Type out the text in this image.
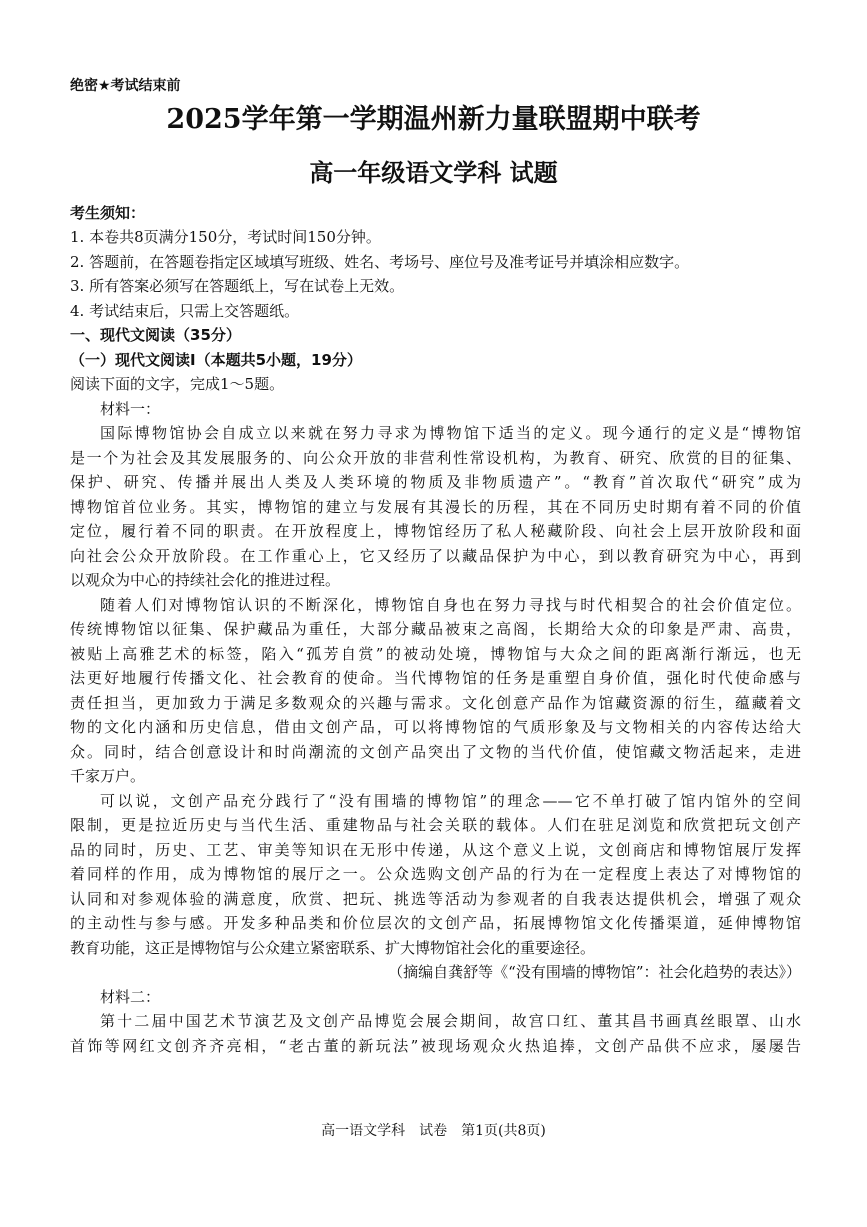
绝密★考试结束前
2025学年第一学期温州新力量联盟期中联考
高一年级语文学科 试题
考生须知：
1. 本卷共8页满分150分，考试时间150分钟。
2. 答题前，在答题卷指定区域填写班级、姓名、考场号、座位号及准考证号并填涂相应数字。
3. 所有答案必须写在答题纸上，写在试卷上无效。
4. 考试结束后，只需上交答题纸。
一、现代文阅读（35分）
（一）现代文阅读Ⅰ（本题共5小题，19分）
阅读下面的文字，完成1～5题。
材料一：
国际博物馆协会自成立以来就在努力寻求为博物馆下适当的定义。现今通行的定义是“博物馆
是一个为社会及其发展服务的、向公众开放的非营利性常设机构，为教育、研究、欣赏的目的征集、
保护、研究、传播并展出人类及人类环境的物质及非物质遗产”。“教育”首次取代“研究”成为
博物馆首位业务。其实，博物馆的建立与发展有其漫长的历程，其在不同历史时期有着不同的价值
定位，履行着不同的职责。在开放程度上，博物馆经历了私人秘藏阶段、向社会上层开放阶段和面
向社会公众开放阶段。在工作重心上，它又经历了以藏品保护为中心，到以教育研究为中心，再到
以观众为中心的持续社会化的推进过程。
随着人们对博物馆认识的不断深化，博物馆自身也在努力寻找与时代相契合的社会价值定位。
传统博物馆以征集、保护藏品为重任，大部分藏品被束之高阁，长期给大众的印象是严肃、高贵，
被贴上高雅艺术的标签，陷入“孤芳自赏”的被动处境，博物馆与大众之间的距离渐行渐远，也无
法更好地履行传播文化、社会教育的使命。当代博物馆的任务是重塑自身价值，强化时代使命感与
责任担当，更加致力于满足多数观众的兴趣与需求。文化创意产品作为馆藏资源的衍生，蕴藏着文
物的文化内涵和历史信息，借由文创产品，可以将博物馆的气质形象及与文物相关的内容传达给大
众。同时，结合创意设计和时尚潮流的文创产品突出了文物的当代价值，使馆藏文物活起来，走进
千家万户。
可以说，文创产品充分践行了“没有围墙的博物馆”的理念——它不单打破了馆内馆外的空间
限制，更是拉近历史与当代生活、重建物品与社会关联的载体。人们在驻足浏览和欣赏把玩文创产
品的同时，历史、工艺、审美等知识在无形中传递，从这个意义上说，文创商店和博物馆展厅发挥
着同样的作用，成为博物馆的展厅之一。公众选购文创产品的行为在一定程度上表达了对博物馆的
认同和对参观体验的满意度，欣赏、把玩、挑选等活动为参观者的自我表达提供机会，增强了观众
的主动性与参与感。开发多种品类和价位层次的文创产品，拓展博物馆文化传播渠道，延伸博物馆
教育功能，这正是博物馆与公众建立紧密联系、扩大博物馆社会化的重要途径。
（摘编自龚舒等《“没有围墙的博物馆”：社会化趋势的表达》）
材料二：
第十二届中国艺术节演艺及文创产品博览会展会期间，故宫口红、董其昌书画真丝眼罩、山水
首饰等网红文创齐齐亮相，“老古董的新玩法”被现场观众火热追捧，文创产品供不应求，屡屡告
高一语文学科　试卷　第1页(共8页)
